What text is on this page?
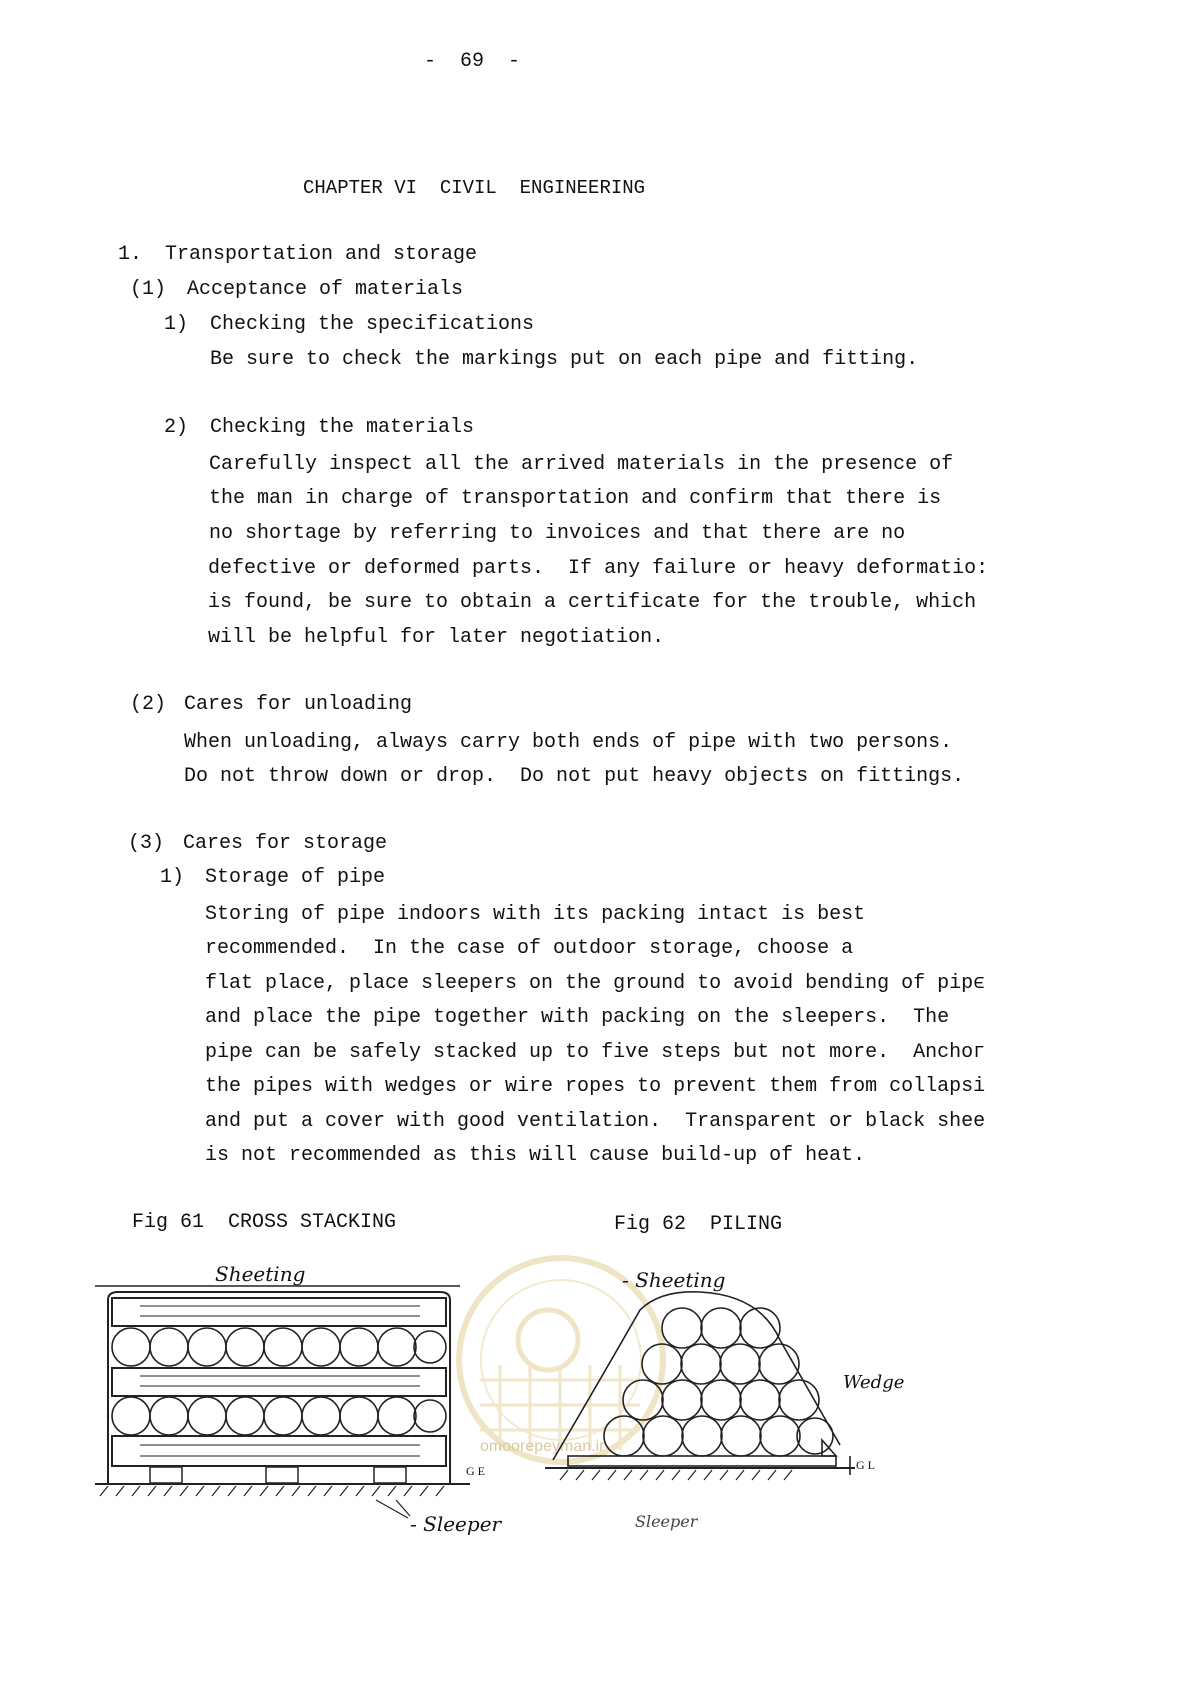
-  69  -
CHAPTER VI  CIVIL  ENGINEERING
1. Transportation and storage
(1) Acceptance of materials
1) Checking the specifications
Be sure to check the markings put on each pipe and fitting.
2) Checking the materials
Carefully inspect all the arrived materials in the presence of
the man in charge of transportation and confirm that there is
no shortage by referring to invoices and that there are no
defective or deformed parts.  If any failure or heavy deformatio:
is found, be sure to obtain a certificate for the trouble, which
will be helpful for later negotiation.
(2) Cares for unloading
When unloading, always carry both ends of pipe with two persons.
Do not throw down or drop.  Do not put heavy objects on fittings.
(3) Cares for storage
1) Storage of pipe
Storing of pipe indoors with its packing intact is best
recommended.  In the case of outdoor storage, choose a
flat place, place sleepers on the ground to avoid bending of pipϵ
and place the pipe together with packing on the sleepers.  The
pipe can be safely stacked up to five steps but not more.  Anchoг
the pipes with wedges or wire ropes to prevent them from collapsi
and put a cover with good ventilation.  Transparent or black shee
is not recommended as this will cause build-up of heat.
Fig 61  CROSS STACKING	Fig 62  PILING
omoorepeyman.ir
Sheeting
G E
- Sleeper
- Sheeting
Wedge
G L
Sleeper
